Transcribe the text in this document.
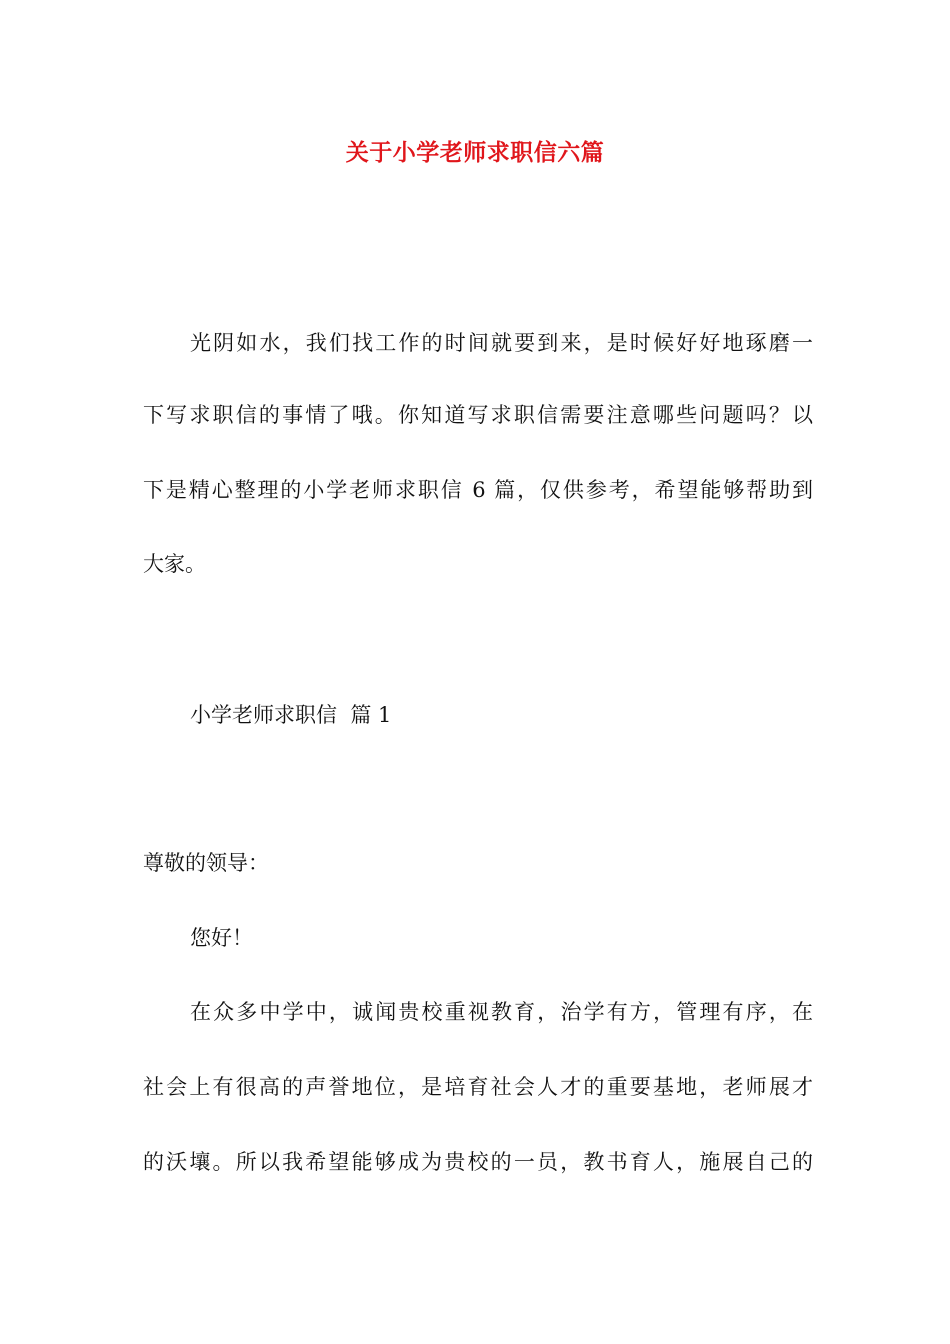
关于小学老师求职信六篇
光阴如水，我们找工作的时间就要到来，是时候好好地琢磨一
下写求职信的事情了哦。你知道写求职信需要注意哪些问题吗？以
下是精心整理的小学老师求职信 6 篇，仅供参考，希望能够帮助到
大家。
小学老师求职信  篇 1
尊敬的领导：
您好！
在众多中学中，诚闻贵校重视教育，治学有方，管理有序，在
社会上有很高的声誉地位，是培育社会人才的重要基地，老师展才
的沃壤。所以我希望能够成为贵校的一员，教书育人，施展自己的
